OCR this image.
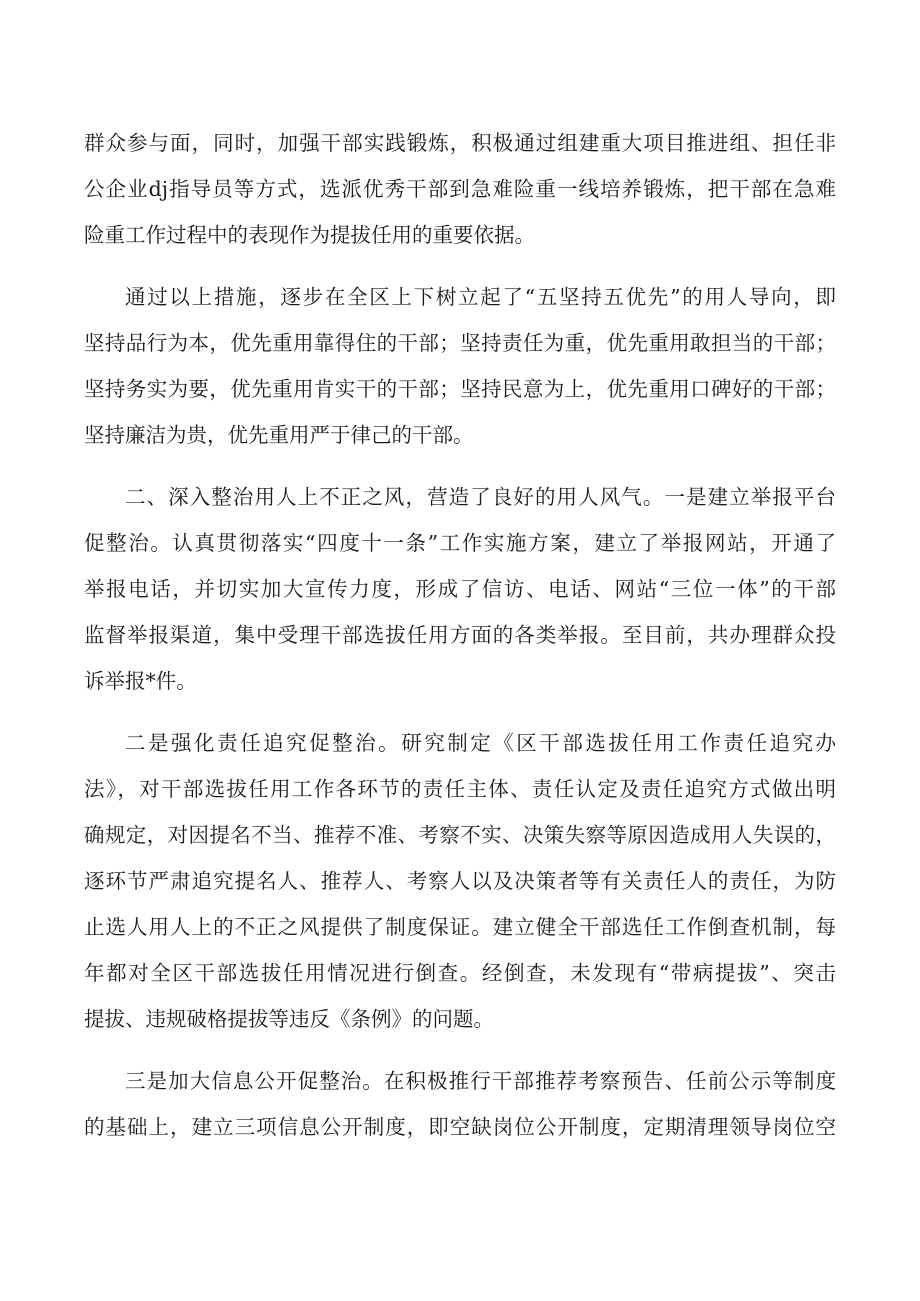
群众参与面，同时，加强干部实践锻炼，积极通过组建重大项目推进组、担任非
公企业dj指导员等方式，选派优秀干部到急难险重一线培养锻炼，把干部在急难
险重工作过程中的表现作为提拔任用的重要依据。
通过以上措施，逐步在全区上下树立起了“五坚持五优先”的用人导向，即
坚持品行为本，优先重用靠得住的干部；坚持责任为重，优先重用敢担当的干部；
坚持务实为要，优先重用肯实干的干部；坚持民意为上，优先重用口碑好的干部；
坚持廉洁为贵，优先重用严于律己的干部。
二、深入整治用人上不正之风，营造了良好的用人风气。一是建立举报平台
促整治。认真贯彻落实“四度十一条”工作实施方案，建立了举报网站，开通了
举报电话，并切实加大宣传力度，形成了信访、电话、网站“三位一体”的干部
监督举报渠道，集中受理干部选拔任用方面的各类举报。至目前，共办理群众投
诉举报*件。
二是强化责任追究促整治。研究制定《区干部选拔任用工作责任追究办
法》，对干部选拔任用工作各环节的责任主体、责任认定及责任追究方式做出明
确规定，对因提名不当、推荐不准、考察不实、决策失察等原因造成用人失误的，
逐环节严肃追究提名人、推荐人、考察人以及决策者等有关责任人的责任，为防
止选人用人上的不正之风提供了制度保证。建立健全干部选任工作倒查机制，每
年都对全区干部选拔任用情况进行倒查。经倒查，未发现有“带病提拔”、突击
提拔、违规破格提拔等违反《条例》的问题。
三是加大信息公开促整治。在积极推行干部推荐考察预告、任前公示等制度
的基础上，建立三项信息公开制度，即空缺岗位公开制度，定期清理领导岗位空
